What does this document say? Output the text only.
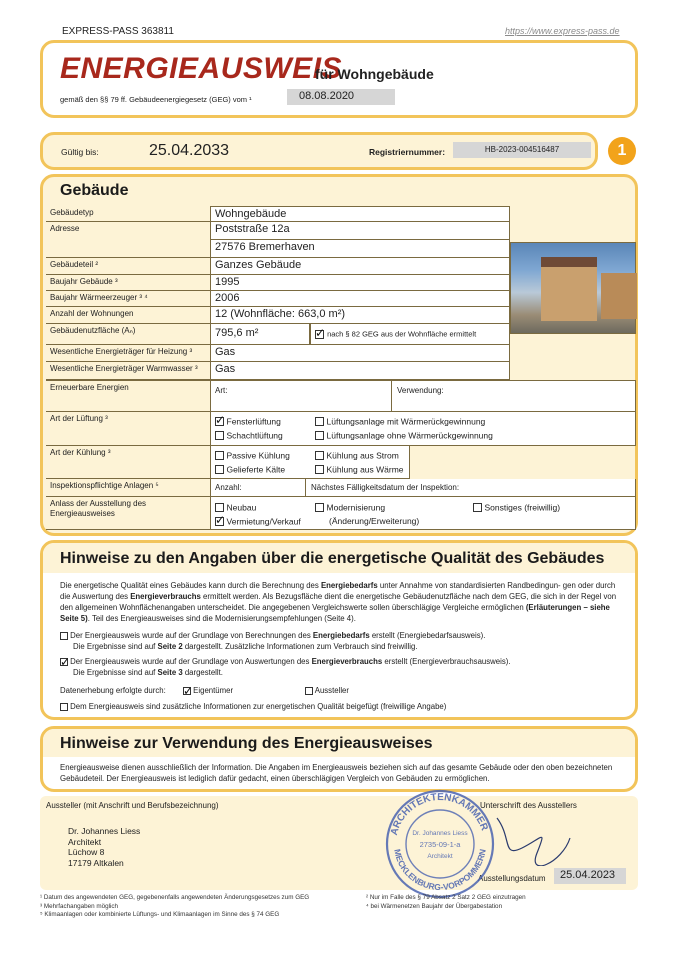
EXPRESS-PASS 363811	https://www.express-pass.de
ENERGIEAUSWEIS
für Wohngebäude
gemäß den §§ 79 ff. Gebäudeenergiegesetz (GEG) vom ¹	08.08.2020
Gültig bis:	25.04.2033	Registriernummer:	HB-2023-004516487	1
Gebäude
Gebäudetyp	Wohngebäude
Adresse	Poststraße 12a
27576 Bremerhaven
Gebäudeteil ²	Ganzes Gebäude
Baujahr Gebäude ³	1995
Baujahr Wärmeerzeuger ³ ⁴	2006
Anzahl der Wohnungen	12 (Wohnfläche: 663,0 m²)
Gebäudenutzfläche (Aₙ)	795,6 m² ✓	nach § 82 GEG aus der Wohnfläche ermittelt
Wesentliche Energieträger für Heizung ³	Gas
Wesentliche Energieträger Warmwasser ³	Gas
Erneuerbare Energien	Art:	Verwendung:
Art der Lüftung ³ ✓	Fensterlüftung
Schachtlüftung
Lüftungsanlage mit Wärmerückgewinnung
Lüftungsanlage ohne Wärmerückgewinnung
Art der Kühlung ³	Passive Kühlung
Gelieferte Kälte
Kühlung aus Strom
Kühlung aus Wärme
Inspektionspflichtige Anlagen ⁵	Anzahl:	Nächstes Fälligkeitsdatum der Inspektion:
Anlass der Ausstellung des Energieausweises
Neubau
✓ Vermietung/Verkauf
Modernisierung
(Änderung/Erweiterung)
Sonstiges (freiwillig)
Hinweise zu den Angaben über die energetische Qualität des Gebäudes
Die energetische Qualität eines Gebäudes kann durch die Berechnung des Energiebedarfs unter Annahme von standardisierten Randbedingun- gen oder durch die Auswertung des Energieverbrauchs ermittelt werden. Als Bezugsfläche dient die energetische Gebäudenutzfläche nach dem GEG, die sich in der Regel von den allgemeinen Wohnflächenangaben unterscheidet. Die angegebenen Vergleichswerte sollen überschlägige Vergleiche ermöglichen (Erläuterungen – siehe Seite 5). Teil des Energieausweises sind die Modernisierungsempfehlungen (Seite 4).
Der Energieausweis wurde auf der Grundlage von Berechnungen des Energiebedarfs erstellt (Energiebedarfsausweis).
Die Ergebnisse sind auf Seite 2 dargestellt. Zusätzliche Informationen zum Verbrauch sind freiwillig.
✓ Der Energieausweis wurde auf der Grundlage von Auswertungen des Energieverbrauchs erstellt (Energieverbrauchsausweis).
Die Ergebnisse sind auf Seite 3 dargestellt.
Datenerhebung erfolgte durch: ✓	Eigentümer	Aussteller
Dem Energieausweis sind zusätzliche Informationen zur energetischen Qualität beigefügt (freiwillige Angabe)
Hinweise zur Verwendung des Energieausweises
Energieausweise dienen ausschließlich der Information. Die Angaben im Energieausweis beziehen sich auf das gesamte Gebäude oder den oben bezeichneten Gebäudeteil. Der Energieausweis ist lediglich dafür gedacht, einen überschlägigen Vergleich von Gebäuden zu ermöglichen.
Aussteller (mit Anschrift und Berufsbezeichnung)
Dr. Johannes Liess
Architekt
Lüchow 8
17179 Altkalen
Unterschrift des Ausstellers
Ausstellungsdatum	25.04.2023
ARCHITEKTENKAMMER
MECKLENBURG-VORPOMMERN
Dr. Johannes Liess
2735-09-1-a
Architekt
¹ Datum des angewendeten GEG, gegebenenfalls angewendeten Änderungsgesetzes zum GEG
³ Mehrfachangaben möglich
⁵ Klimaanlagen oder kombinierte Lüftungs- und Klimaanlagen im Sinne des § 74 GEG
² Nur im Falle des § 79 Absatz 2 Satz 2 GEG einzutragen
⁴ bei Wärmenetzen Baujahr der Übergabestation
